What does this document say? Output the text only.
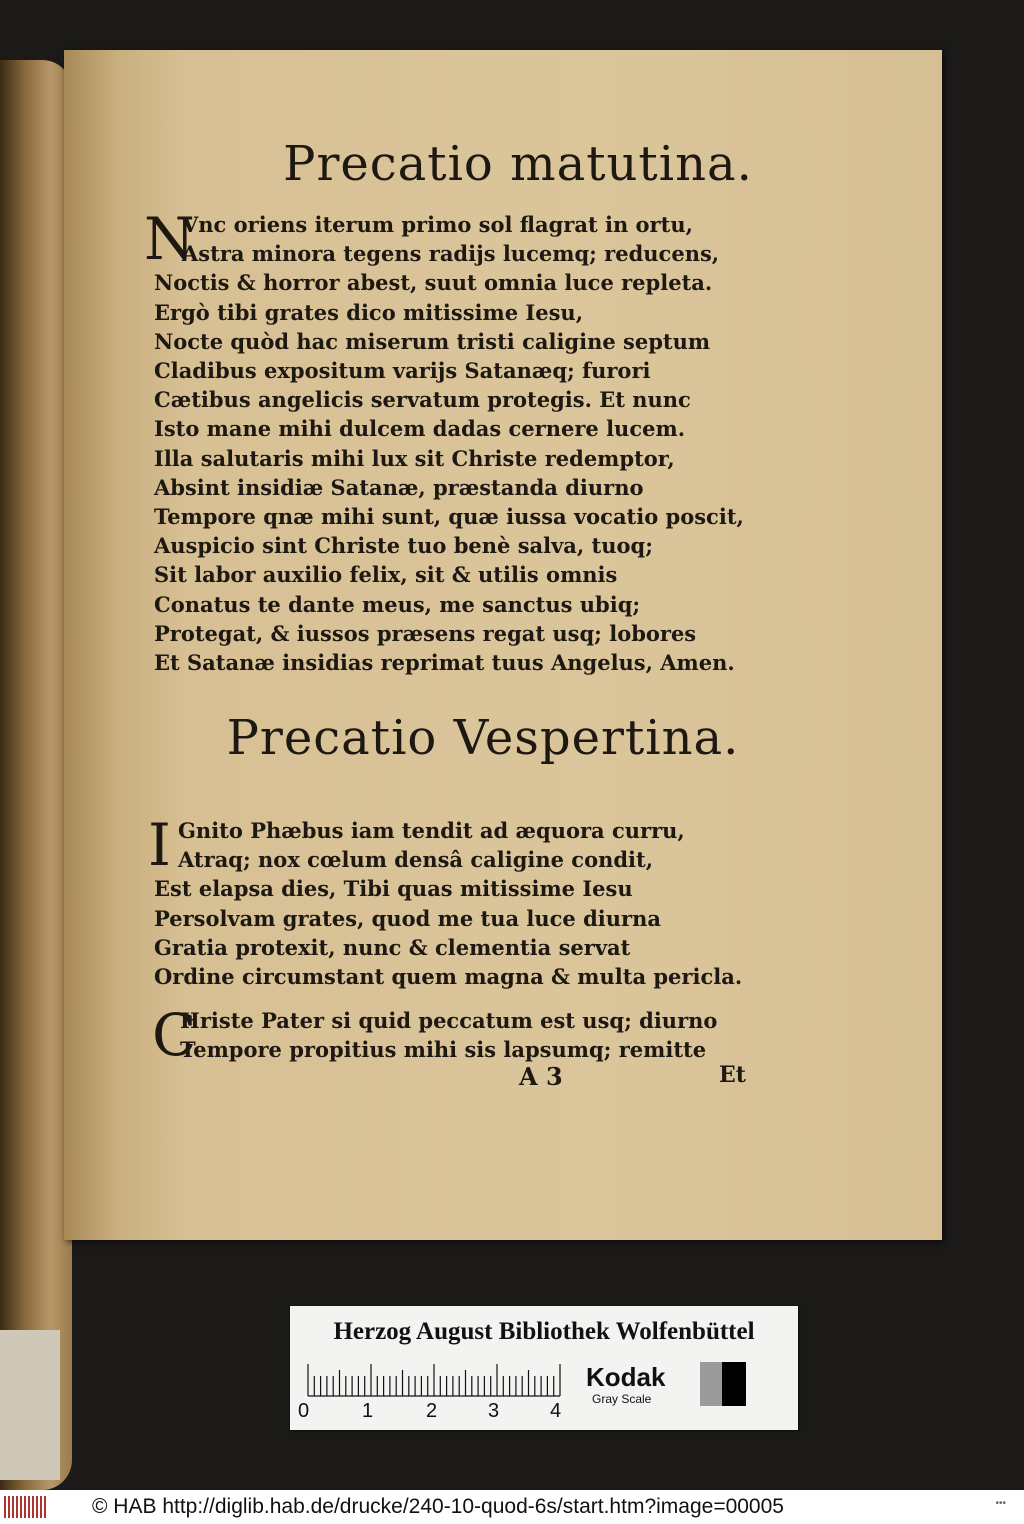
Precatio matutina.
N
Vnc oriens iterum primo sol flagrat in ortu,
Astra minora tegens radijs lucemq; reducens,
Noctis & horror abest, suut omnia luce repleta.
Ergò tibi grates dico mitissime Iesu,
Nocte quòd hac miserum tristi caligine septum
Cladibus expositum varijs Satanæq; furori
Cætibus angelicis servatum protegis. Et nunc
Isto mane mihi dulcem dadas cernere lucem.
Illa salutaris mihi lux sit Christe redemptor,
Absint insidiæ Satanæ, præstanda diurno
Tempore qnæ mihi sunt, quæ iussa vocatio poscit,
Auspicio sint Christe tuo benè salva, tuoq;
Sit labor auxilio felix, sit & utilis omnis
Conatus te dante meus, me sanctus ubiq;
Protegat, & iussos præsens regat usq; lobores
Et Satanæ insidias reprimat tuus Angelus, Amen.
Precatio Vespertina.
I Gnito Phæbus iam tendit ad æquora curru,
Atraq; nox cœlum densâ caligine condit,
Est elapsa dies, Tibi quas mitissime Iesu
Persolvam grates, quod me tua luce diurna
Gratia protexit, nunc & clementia servat
Ordine circumstant quem magna & multa pericla.
C
Hriste Pater si quid peccatum est usq; diurno
Tempore propitius mihi sis lapsumq; remitte
A 3	Et
Herzog August Bibliothek Wolfenbüttel
0	1	2	3	4
Kodak
Gray Scale
© HAB http://diglib.hab.de/drucke/240-10-quod-6s/start.htm?image=00005	•••
